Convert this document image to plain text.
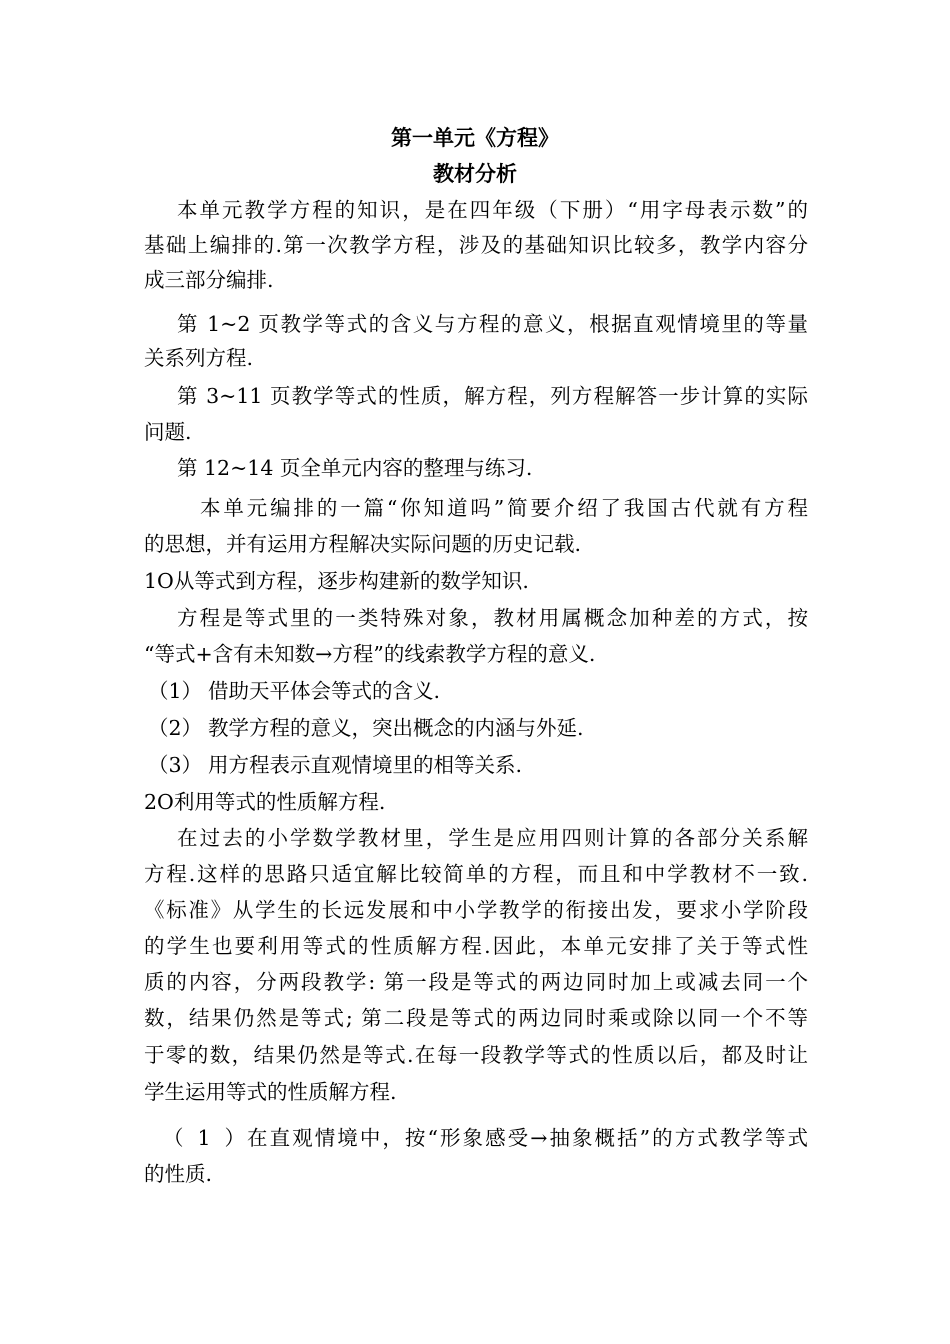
第一单元《方程》
教材分析
本单元教学方程的知识，是在四年级（下册）“用字母表示数”的
基础上编排的.第一次教学方程，涉及的基础知识比较多，教学内容分
成三部分编排.
第 1~2 页教学等式的含义与方程的意义，根据直观情境里的等量
关系列方程.
第 3~11 页教学等式的性质，解方程，列方程解答一步计算的实际
问题.
第 12~14 页全单元内容的整理与练习.
本单元编排的一篇“你知道吗”简要介绍了我国古代就有方程
的思想，并有运用方程解决实际问题的历史记载.
1O从等式到方程，逐步构建新的数学知识.
方程是等式里的一类特殊对象，教材用属概念加种差的方式，按
“等式+含有未知数→方程”的线索教学方程的意义.
（1） 借助天平体会等式的含义.
（2） 教学方程的意义，突出概念的内涵与外延.
（3） 用方程表示直观情境里的相等关系.
2O利用等式的性质解方程.
在过去的小学数学教材里，学生是应用四则计算的各部分关系解
方程.这样的思路只适宜解比较简单的方程，而且和中学教材不一致.
《标准》从学生的长远发展和中小学教学的衔接出发，要求小学阶段
的学生也要利用等式的性质解方程.因此，本单元安排了关于等式性
质的内容，分两段教学: 第一段是等式的两边同时加上或减去同一个
数，结果仍然是等式; 第二段是等式的两边同时乘或除以同一个不等
于零的数，结果仍然是等式.在每一段教学等式的性质以后，都及时让
学生运用等式的性质解方程.
（1）在直观情境中，按“形象感受→抽象概括”的方式教学等式
的性质.
